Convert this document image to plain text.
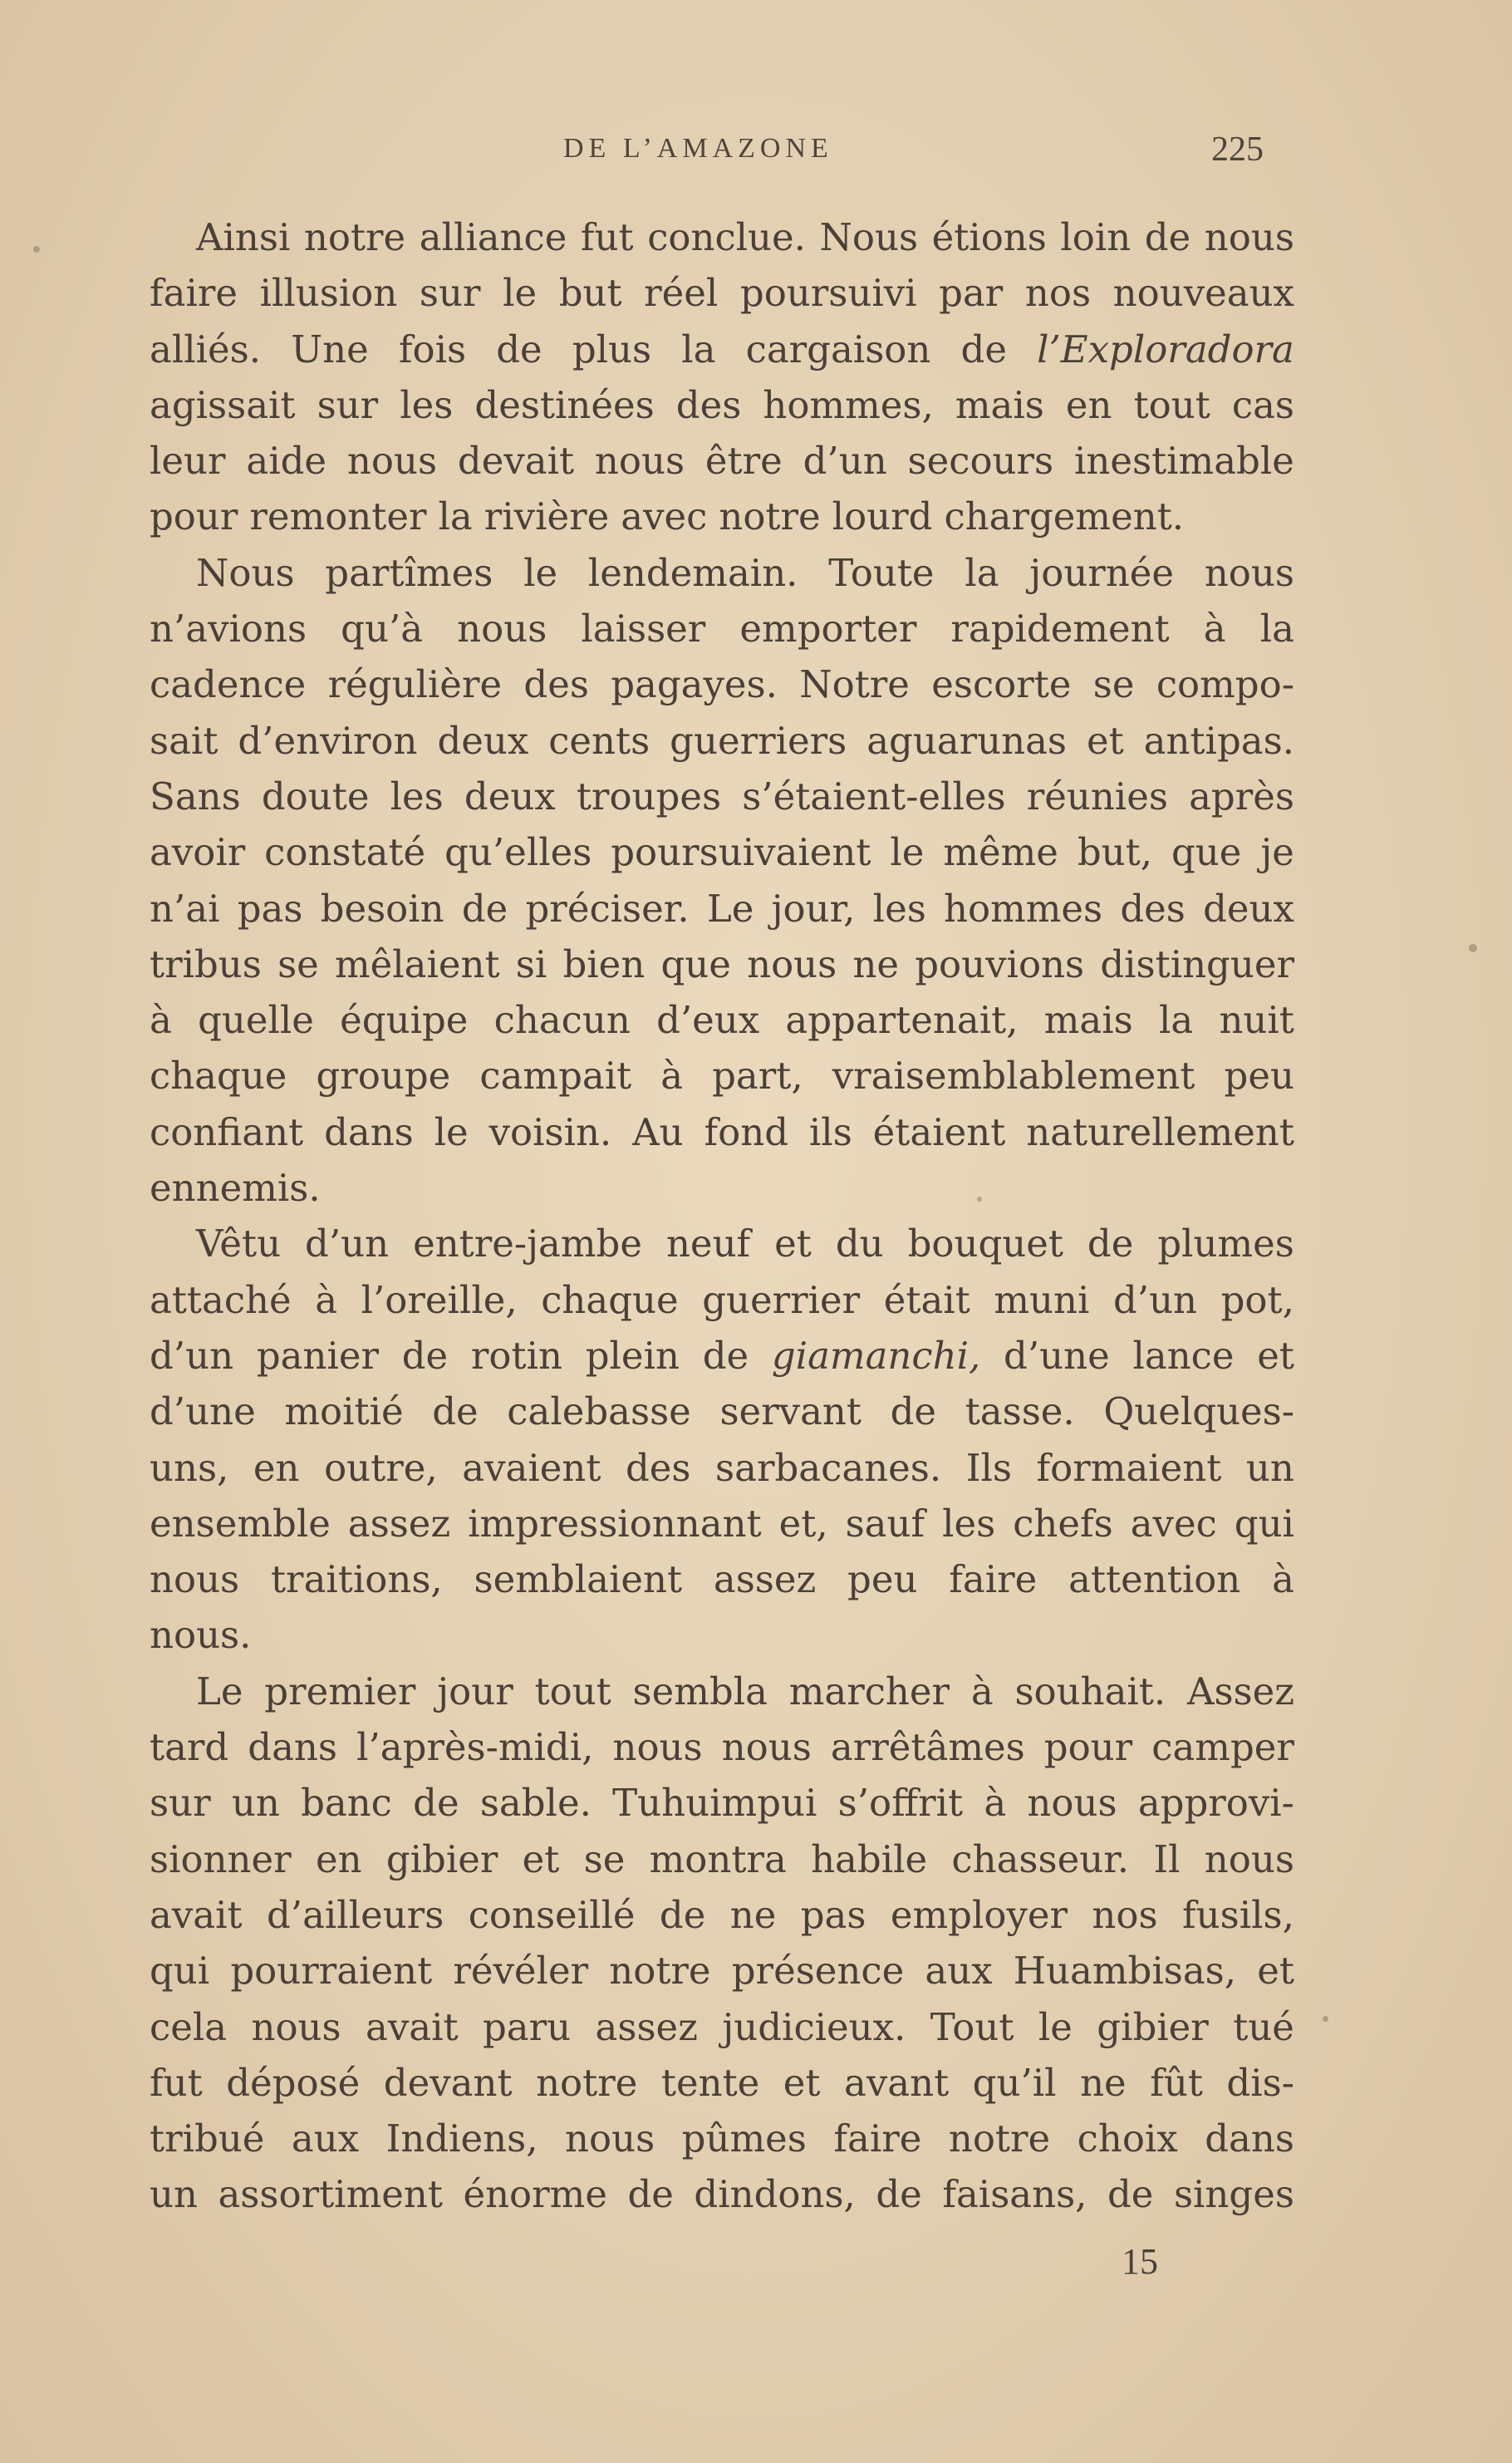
DE L’AMAZONE	225
Ainsi notre alliance fut conclue. Nous étions loin de nous
faire illusion sur le but réel poursuivi par nos nouveaux
alliés. Une fois de plus la cargaison de l’Exploradora
agissait sur les destinées des hommes, mais en tout cas
leur aide nous devait nous être d’un secours inestimable
pour remonter la rivière avec notre lourd chargement.
Nous partîmes le lendemain. Toute la journée nous
n’avions qu’à nous laisser emporter rapidement à la
cadence régulière des pagayes. Notre escorte se compo-
sait d’environ deux cents guerriers aguarunas et antipas.
Sans doute les deux troupes s’étaient-elles réunies après
avoir constaté qu’elles poursuivaient le même but, que je
n’ai pas besoin de préciser. Le jour, les hommes des deux
tribus se mêlaient si bien que nous ne pouvions distinguer
à quelle équipe chacun d’eux appartenait, mais la nuit
chaque groupe campait à part, vraisemblablement peu
confiant dans le voisin. Au fond ils étaient naturellement
ennemis.
Vêtu d’un entre-jambe neuf et du bouquet de plumes
attaché à l’oreille, chaque guerrier était muni d’un pot,
d’un panier de rotin plein de giamanchi, d’une lance et
d’une moitié de calebasse servant de tasse. Quelques-
uns, en outre, avaient des sarbacanes. Ils formaient un
ensemble assez impressionnant et, sauf les chefs avec qui
nous traitions, semblaient assez peu faire attention à
nous.
Le premier jour tout sembla marcher à souhait. Assez
tard dans l’après-midi, nous nous arrêtâmes pour camper
sur un banc de sable. Tuhuimpui s’offrit à nous approvi-
sionner en gibier et se montra habile chasseur. Il nous
avait d’ailleurs conseillé de ne pas employer nos fusils,
qui pourraient révéler notre présence aux Huambisas, et
cela nous avait paru assez judicieux. Tout le gibier tué
fut déposé devant notre tente et avant qu’il ne fût dis-
tribué aux Indiens, nous pûmes faire notre choix dans
un assortiment énorme de dindons, de faisans, de singes
15
